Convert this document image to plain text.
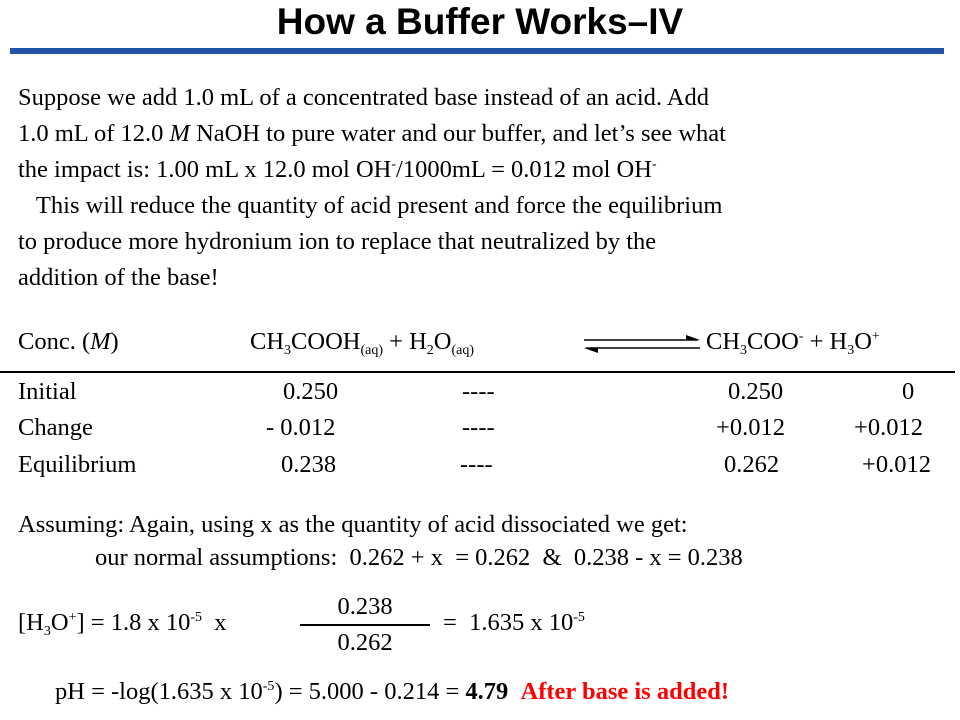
How a Buffer Works–IV

Suppose we add 1.0 mL of a concentrated base instead of an acid. Add

1.0 mL of 12.0 M NaOH to pure water and our buffer, and let’s see what

the impact is: 1.00 mL x 12.0 mol OH-/1000mL = 0.012 mol OH-

This will reduce the quantity of acid present and force the equilibrium

to produce more hydronium ion to replace that neutralized by the

addition of the base!

Conc. (M)	$CH_3COOH_{(aq)} + H_2O_{(aq)}$	$CH_3COO^- + H_3O^+$
Initial	0.250	----	0.250	0
Change	- 0.012	----	+0.012	+0.012
Equilibrium	0.238	----	0.262	+0.012
Assuming: Again, using x as the quantity of acid dissociated we get:
our normal assumptions:  0.262 + x  = 0.262  &  0.238 - x = 0.238
$[H_3O^+] = 1.8$ x $10^{-5}$  x
0.238
0.262
=  1.635 x $10^{-5}$
pH = -log(1.635 x $10^{-5}) = 5.000 - 0.214 = 4.79$ After base is added!
